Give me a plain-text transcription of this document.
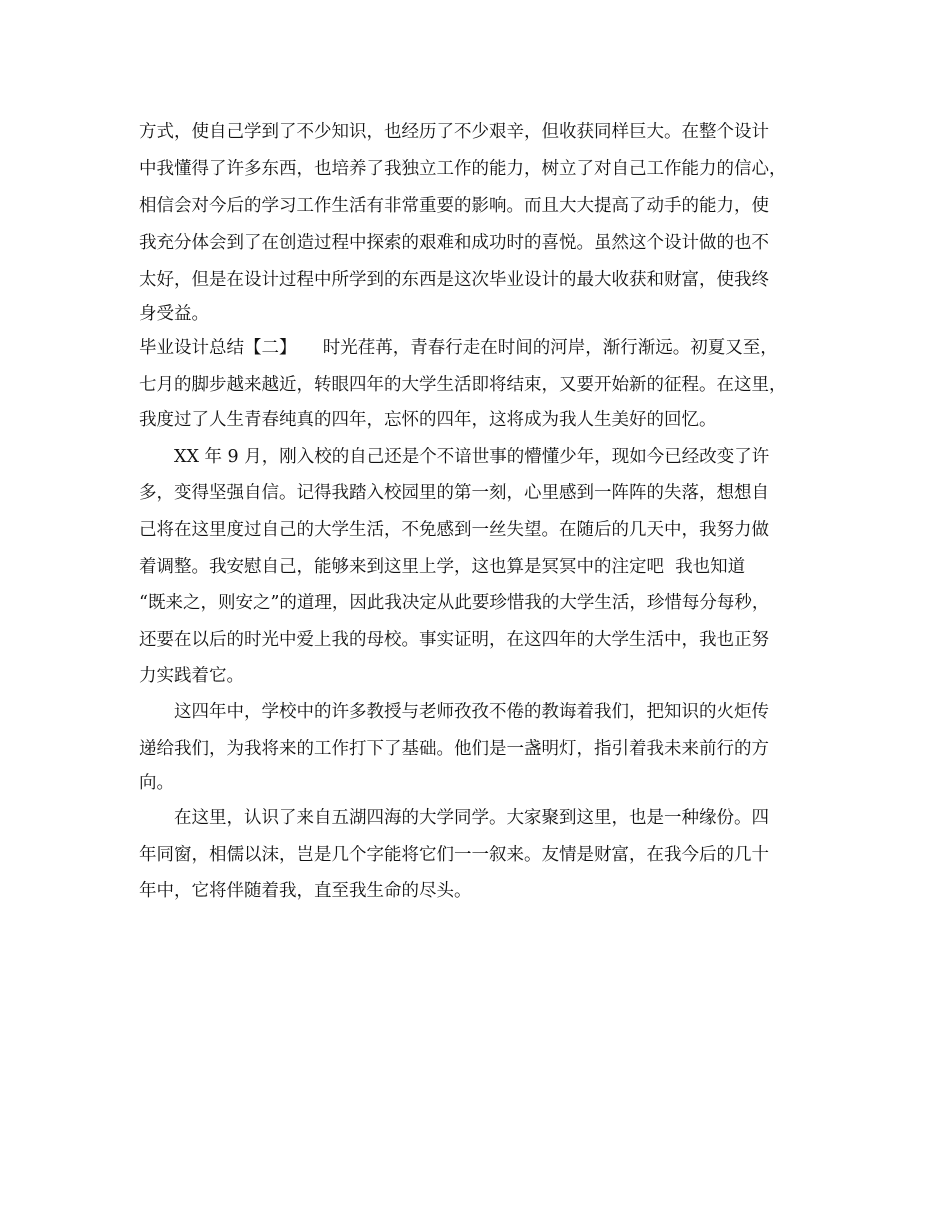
方式，使自己学到了不少知识，也经历了不少艰辛，但收获同样巨大。在整个设计
中我懂得了许多东西，也培养了我独立工作的能力，树立了对自己工作能力的信心，
相信会对今后的学习工作生活有非常重要的影响。而且大大提高了动手的能力，使
我充分体会到了在创造过程中探索的艰难和成功时的喜悦。虽然这个设计做的也不
太好，但是在设计过程中所学到的东西是这次毕业设计的最大收获和财富，使我终
身受益。
毕业设计总结【二】　　时光荏苒，青春行走在时间的河岸，渐行渐远。初夏又至，
七月的脚步越来越近，转眼四年的大学生活即将结束，又要开始新的征程。在这里，
我度过了人生青春纯真的四年，忘怀的四年，这将成为我人生美好的回忆。
　　XX 年 9 月，刚入校的自己还是个不谙世事的懵懂少年，现如今已经改变了许
多，变得坚强自信。记得我踏入校园里的第一刻，心里感到一阵阵的失落，想想自
己将在这里度过自己的大学生活，不免感到一丝失望。在随后的几天中，我努力做
着调整。我安慰自己，能够来到这里上学，这也算是冥冥中的注定吧  我也知道
“既来之，则安之”的道理，因此我决定从此要珍惜我的大学生活，珍惜每分每秒，
还要在以后的时光中爱上我的母校。事实证明，在这四年的大学生活中，我也正努
力实践着它。
　　这四年中，学校中的许多教授与老师孜孜不倦的教诲着我们，把知识的火炬传
递给我们，为我将来的工作打下了基础。他们是一盏明灯，指引着我未来前行的方
向。
　　在这里，认识了来自五湖四海的大学同学。大家聚到这里，也是一种缘份。四
年同窗，相儒以沫，岂是几个字能将它们一一叙来。友情是财富，在我今后的几十
年中，它将伴随着我，直至我生命的尽头。
